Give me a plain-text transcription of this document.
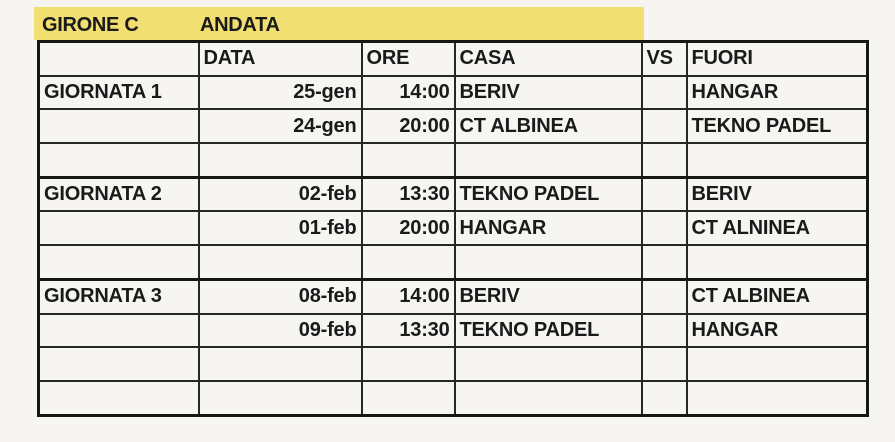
GIRONE C	ANDATA
	DATA	ORE	CASA	VS	FUORI
GIORNATA 1	25-gen	14:00	BERIV		HANGAR
	24-gen	20:00	CT ALBINEA		TEKNO PADEL

GIORNATA 2	02-feb	13:30	TEKNO PADEL		BERIV
	01-feb	20:00	HANGAR		CT ALNINEA

GIORNATA 3	08-feb	14:00	BERIV		CT ALBINEA
	09-feb	13:30	TEKNO PADEL		HANGAR
